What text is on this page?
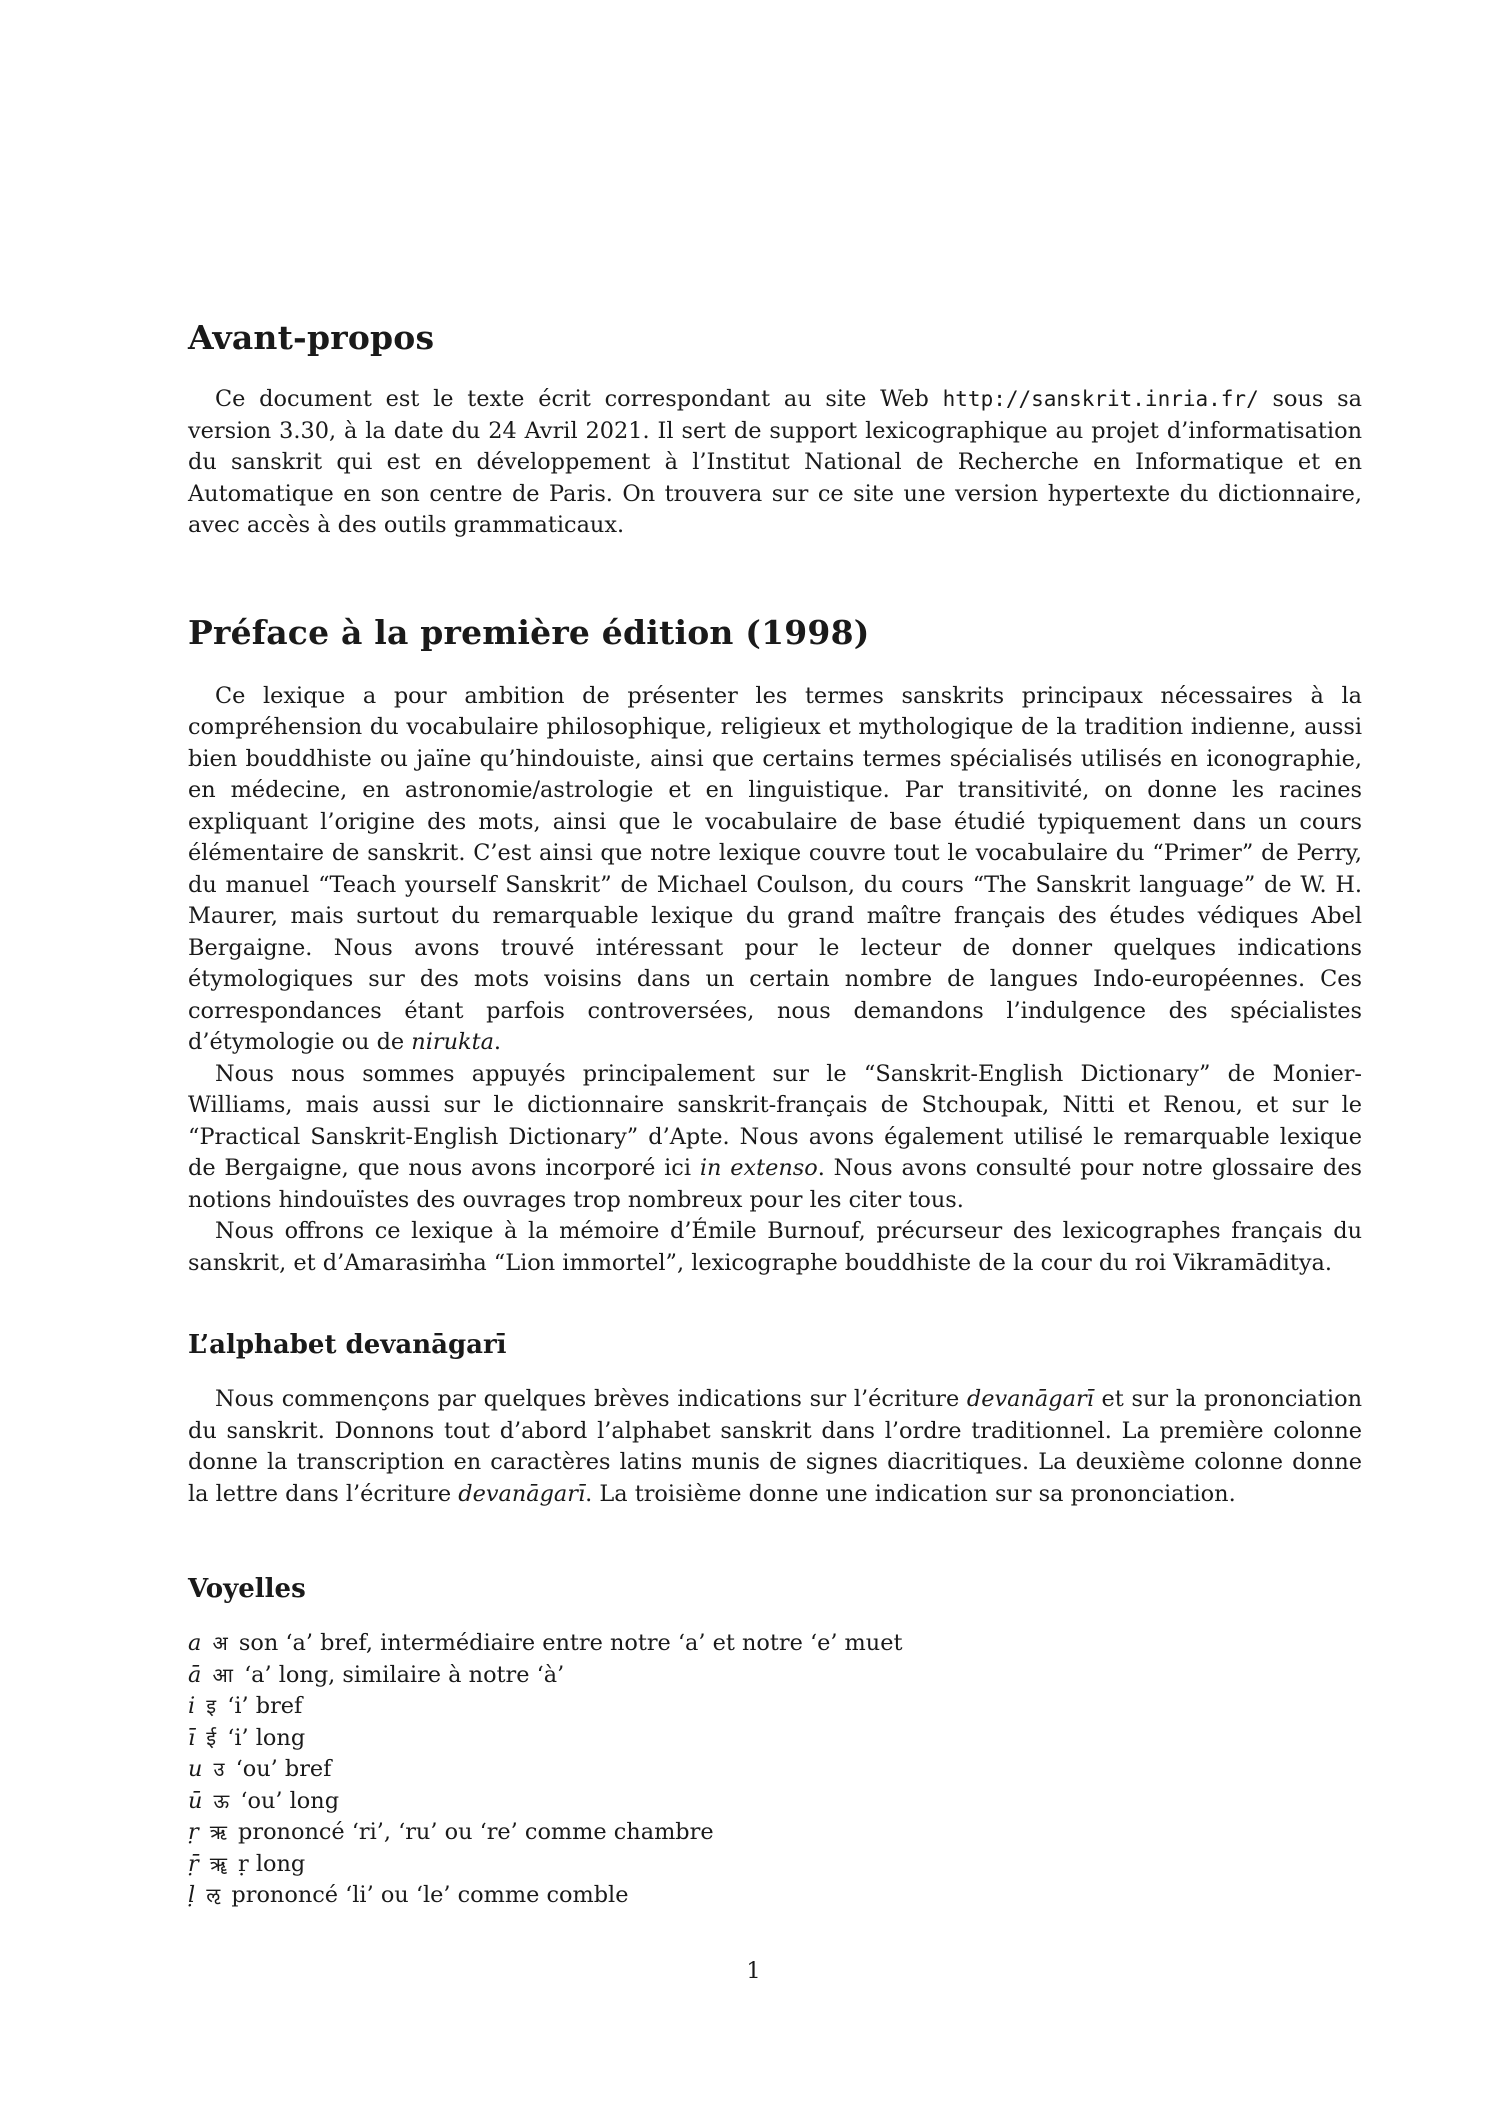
Avant-propos

Ce document est le texte écrit correspondant au site Web http://sanskrit.inria.fr/ sous sa version 3.30, à la date du 24 Avril 2021. Il sert de support lexicographique au projet d’informatisation du sanskrit qui est en développement à l’Institut National de Recherche en Informatique et en Automatique en son centre de Paris. On trouvera sur ce site une version hypertexte du dictionnaire, avec accès à des outils grammaticaux.

Préface à la première édition (1998)

Ce lexique a pour ambition de présenter les termes sanskrits principaux nécessaires à la compréhension du vocabulaire philosophique, religieux et mythologique de la tradition indienne, aussi bien bouddhiste ou jaïne qu’hindouiste, ainsi que certains termes spécialisés utilisés en iconographie, en médecine, en astronomie/astrologie et en linguistique. Par transitivité, on donne les racines expliquant l’origine des mots, ainsi que le vocabulaire de base étudié typiquement dans un cours élémentaire de sanskrit. C’est ainsi que notre lexique couvre tout le vocabulaire du “Primer” de Perry, du manuel “Teach yourself Sanskrit” de Michael Coulson, du cours “The Sanskrit language” de W. H. Maurer, mais surtout du remarquable lexique du grand maître français des études védiques Abel Bergaigne. Nous avons trouvé intéressant pour le lecteur de donner quelques indications étymologiques sur des mots voisins dans un certain nombre de langues Indo-européennes. Ces correspondances étant parfois controversées, nous demandons l’indulgence des spécialistes d’étymologie ou de nirukta.

Nous nous sommes appuyés principalement sur le “Sanskrit-English Dictionary” de Monier-Williams, mais aussi sur le dictionnaire sanskrit-français de Stchoupak, Nitti et Renou, et sur le “Practical Sanskrit-English Dictionary” d’Apte. Nous avons également utilisé le remarquable lexique de Bergaigne, que nous avons incorporé ici in extenso. Nous avons consulté pour notre glossaire des notions hindouïstes des ouvrages trop nombreux pour les citer tous.

Nous offrons ce lexique à la mémoire d’Émile Burnouf, précurseur des lexicographes français du sanskrit, et d’Amarasiṁha “Lion immortel”, lexicographe bouddhiste de la cour du roi Vikramāditya.

L’alphabet devanāgarī

Nous commençons par quelques brèves indications sur l’écriture devanāgarī et sur la prononciation du sanskrit. Donnons tout d’abord l’alphabet sanskrit dans l’ordre traditionnel. La première colonne donne la transcription en caractères latins munis de signes diacritiques. La deuxième colonne donne la lettre dans l’écriture devanāgarī. La troisième donne une indication sur sa prononciation.

Voyelles
a अ son ‘a’ bref, intermédiaire entre notre ‘a’ et notre ‘e’ muet
ā आ ‘a’ long, similaire à notre ‘à’
i इ ‘i’ bref
ī ई ‘i’ long
u उ ‘ou’ bref
ū ऊ ‘ou’ long
ṛ ऋ prononcé ‘ri’, ‘ru’ ou ‘re’ comme chambre
ṝ ॠ ṛ long
ḷ ऌ prononcé ‘li’ ou ‘le’ comme comble
1
